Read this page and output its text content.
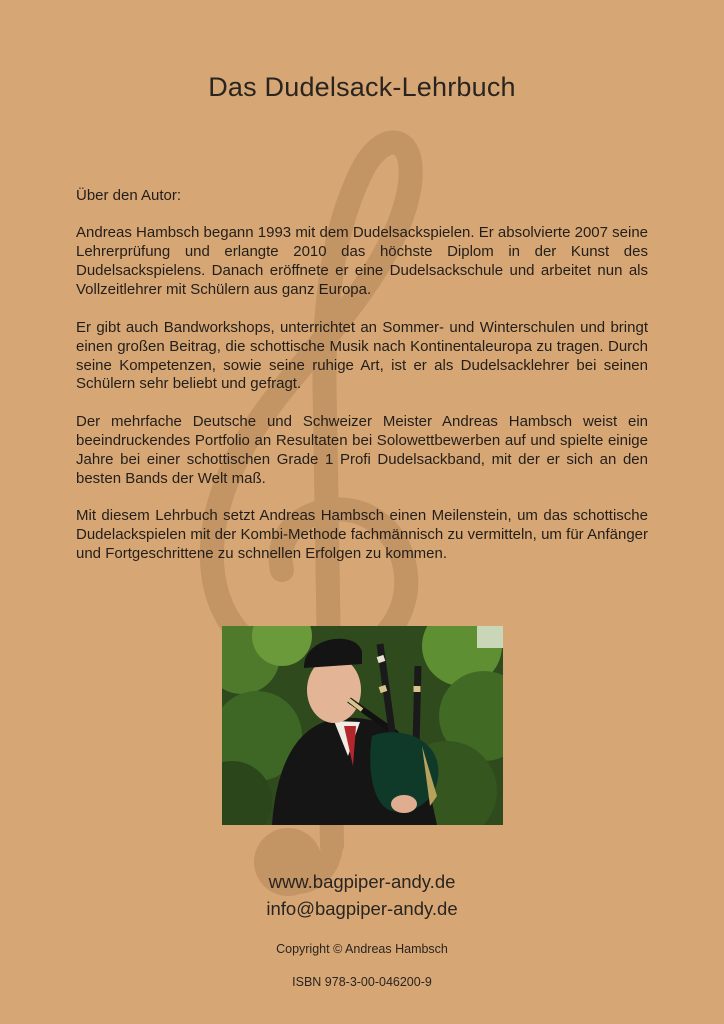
Das Dudelsack-Lehrbuch

Über den Autor:

Andreas Hambsch begann 1993 mit dem Dudelsackspielen. Er absolvierte 2007 seine Lehrerprüfung und erlangte 2010 das höchste Diplom in der Kunst des Dudelsackspielens. Danach eröffnete er eine Dudelsackschule und arbeitet nun als Vollzeitlehrer mit Schülern aus ganz Europa.

Er gibt auch Bandworkshops, unterrichtet an Sommer- und Winterschulen und bringt einen großen Beitrag, die schottische Musik nach Kontinentaleuropa zu tragen. Durch seine Kompetenzen, sowie seine ruhige Art, ist er als Dudelsacklehrer bei seinen Schülern sehr beliebt und gefragt.

Der mehrfache Deutsche und Schweizer Meister Andreas Hambsch weist ein beeindruckendes Portfolio an Resultaten bei Solowettbewerben auf und spielte einige Jahre bei einer schottischen Grade 1 Profi Dudelsackband, mit der er sich an den besten Bands der Welt maß.

Mit diesem Lehrbuch setzt Andreas Hambsch einen Meilenstein, um das schottische Dudelackspielen mit der Kombi-Methode fachmännisch zu vermitteln, um für Anfänger und Fortgeschrittene zu schnellen Erfolgen zu kommen.

www.bagpiper-andy.de
info@bagpiper-andy.de
Copyright © Andreas Hambsch
ISBN 978-3-00-046200-9
